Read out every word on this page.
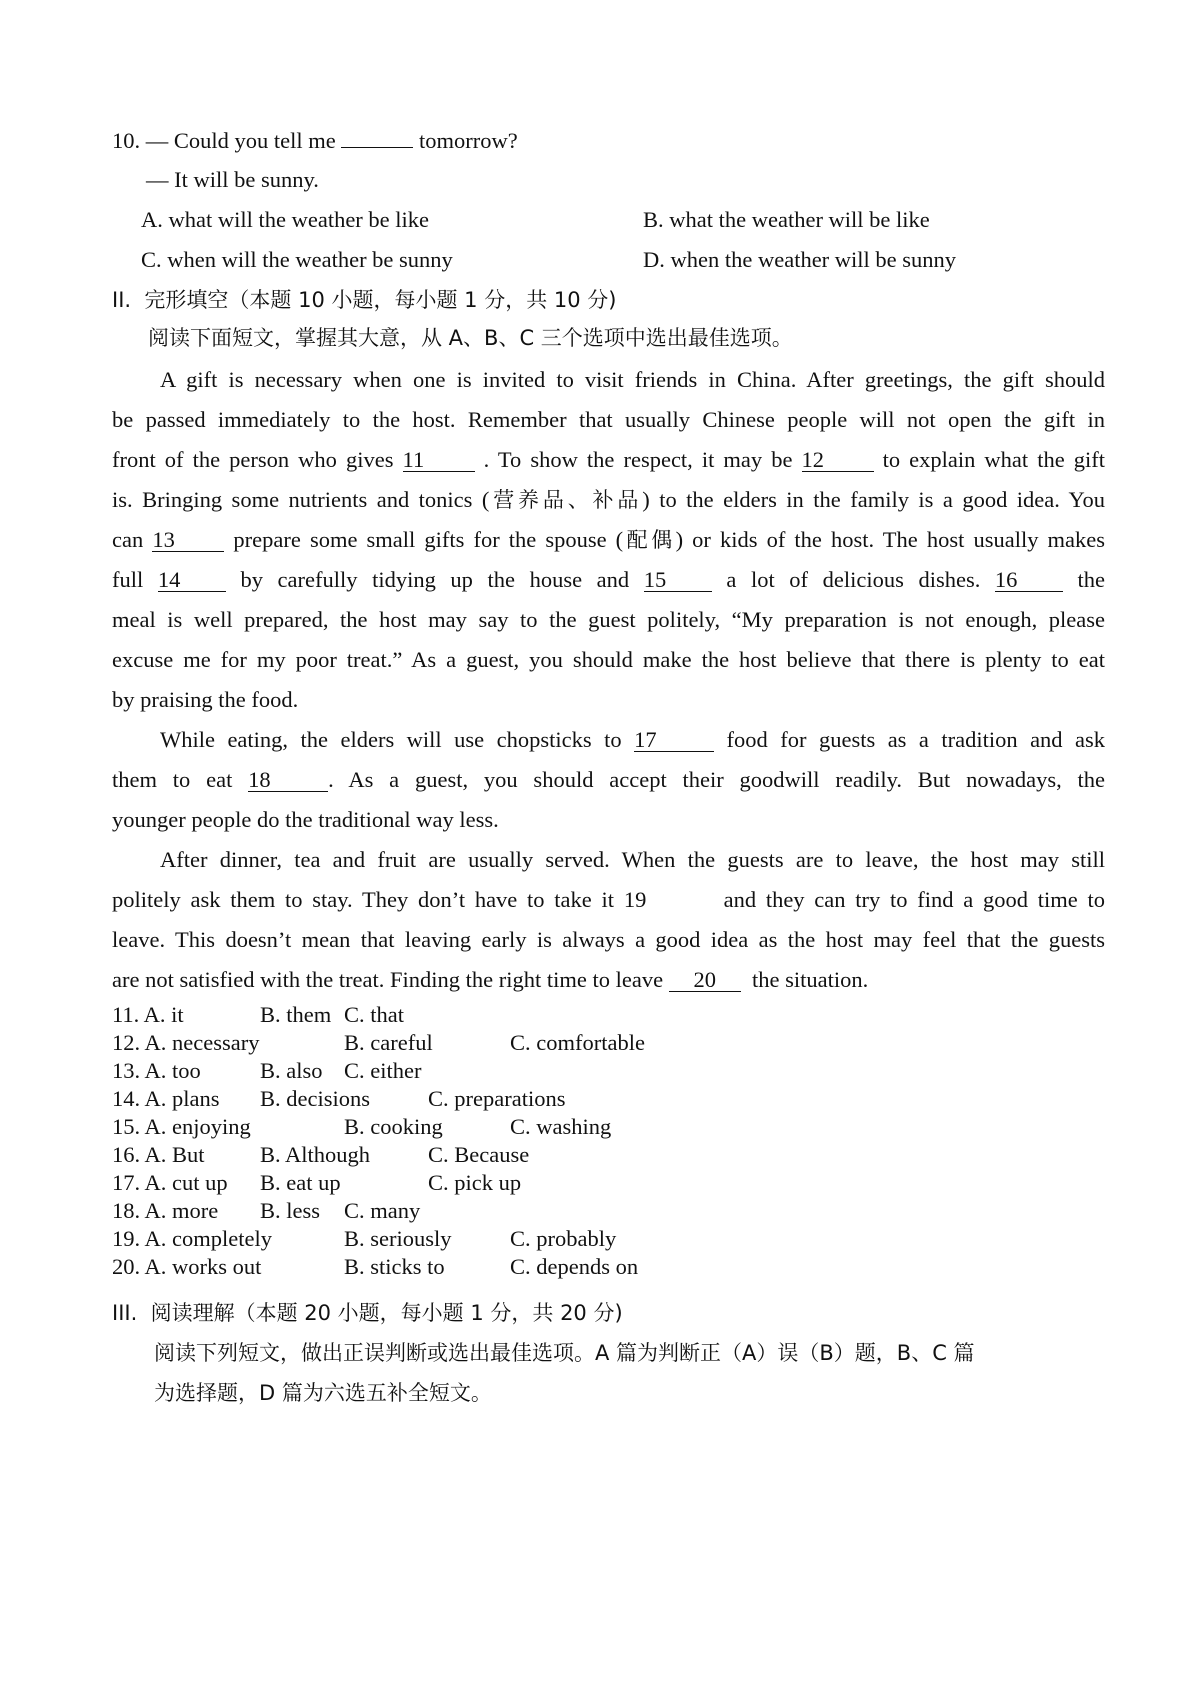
10. — Could you tell me	tomorrow?
— It will be sunny.
A. what will the weather be like	B. what the weather will be like
C. when will the weather be sunny	D. when the weather will be sunny
II.  完形填空（本题 10 小题，每小题 1 分，共 10 分)
阅读下面短文，掌握其大意，从 A、B、C 三个选项中选出最佳选项。
A gift is necessary when one is invited to visit friends in China. After greetings, the gift should
be passed immediately to the host. Remember that usually Chinese people will not open the gift in
front of the person who gives 11	. To show the respect, it may be 12	to explain what the gift
is. Bringing some nutrients and tonics (营养品、补品) to the elders in the family is a good idea. You
can 13	prepare some small gifts for the spouse (配偶) or kids of the host. The host usually makes
full 14	by carefully tidying up the house and 15	a lot of delicious dishes. 16	the
meal is well prepared, the host may say to the guest politely, “My preparation is not enough, please
excuse me for my poor treat.” As a guest, you should make the host believe that there is plenty to eat
by praising the food.
While eating, the elders will use chopsticks to 17	food for guests as a tradition and ask
them to eat 18	. As a guest, you should accept their goodwill readily. But nowadays, the
younger people do the traditional way less.
After dinner, tea and fruit are usually served. When the guests are to leave, the host may still
politely ask them to stay. They don’t have to take it 19	and they can try to find a good time to
leave. This doesn’t mean that leaving early is always a good idea as the host may feel that the guests
are not satisfied with the treat. Finding the right time to leave 20 the situation.
11. A. it	B. them C. that
12. A. necessary	B. careful	C. comfortable
13. A. too	B. also C. either
14. A. plans B. decisions	C. preparations
15. A. enjoying	B. cooking	C. washing
16. A. But B. Although	C. Because
17. A. cut up B. eat up	C. pick up
18. A. more B. less C. many
19. A. completely	B. seriously	C. probably
20. A. works out	B. sticks to	C. depends on
III.  阅读理解（本题 20 小题，每小题 1 分，共 20 分)
阅读下列短文，做出正误判断或选出最佳选项。A 篇为判断正（A）误（B）题，B、C 篇
为选择题，D 篇为六选五补全短文。
